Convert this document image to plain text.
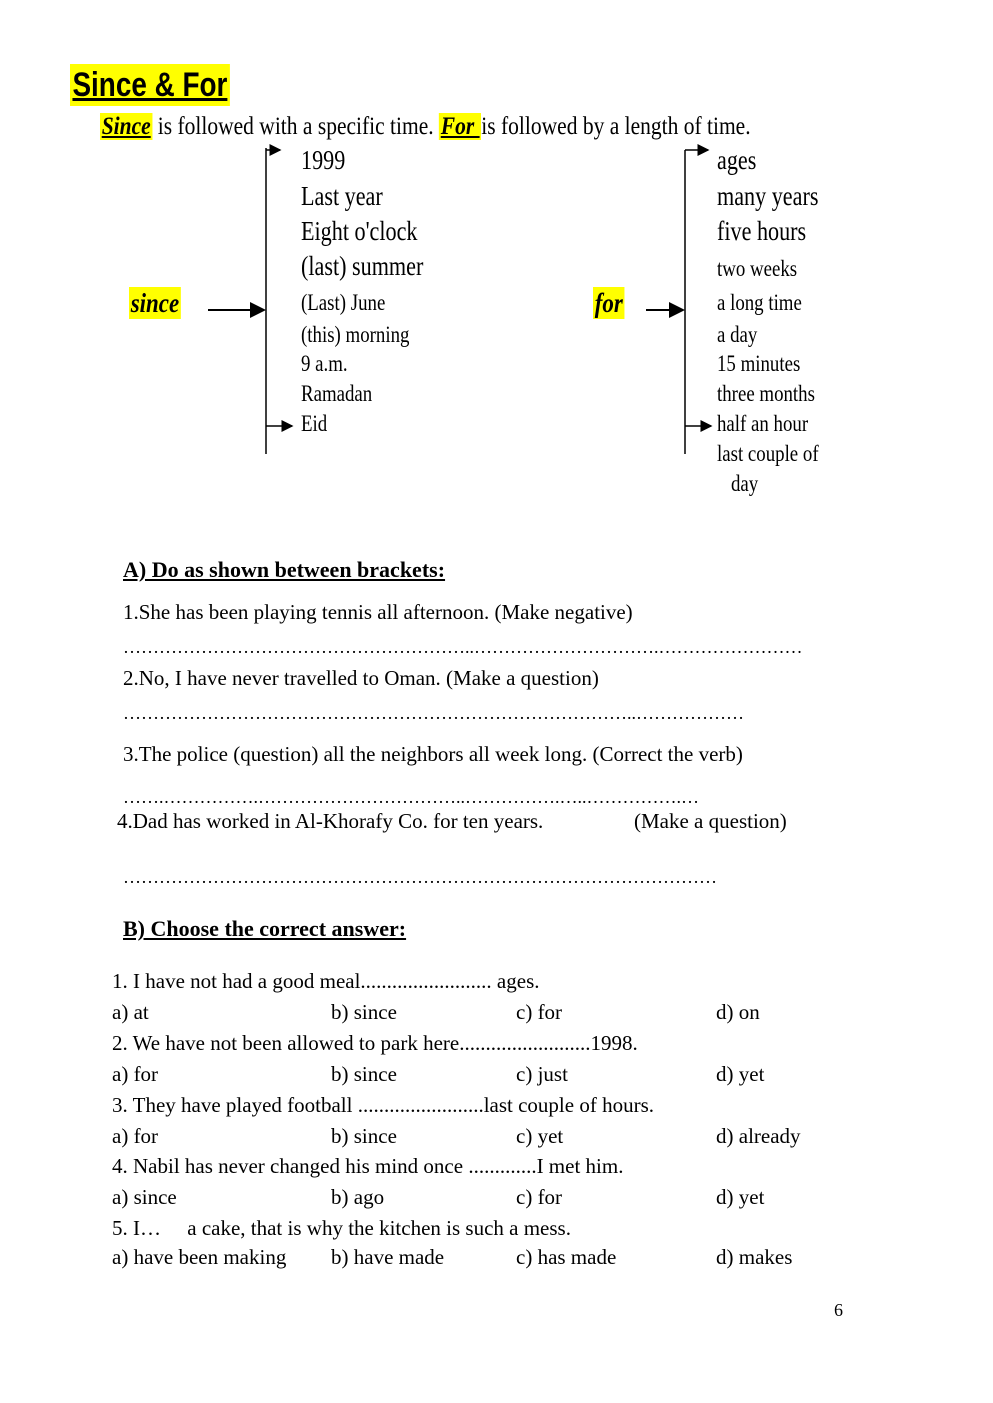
Since & For
Since is followed with a specific time. For is followed by a length of time.
since
1999
Last year
Eight o'clock
(last) summer
(Last) June
(this) morning
9 a.m.
Ramadan
Eid
for
ages
many years
five hours
two weeks
a long time
a day
15 minutes
three months
half an hour
last couple of
day
A) Do as shown between brackets:
1.She has been playing tennis all afternoon. (Make negative)
…………………………………………………..………………………….……………………
2.No, I have never travelled to Oman. (Make a question)
…………………………………………………………………………..………………
3.The police (question) all the neighbors all week long. (Correct the verb)
…….…………….……………………………..…………….…..…………….…
4.Dad has worked in Al-Khorafy Co. for ten years.	(Make a question)
………………………………………………………………………………………
B) Choose the correct answer:
1. I have not had a good meal......................... ages.
a) at	b) since	c) for	d) on
2. We have not been allowed to park here.........................1998.
a) for	b) since	c) just	d) yet
3. They have played football ........................last couple of hours.
a) for	b) since	c) yet	d) already
4. Nabil has never changed his mind once .............I met him.
a) since	b) ago	c) for	d) yet
5. I…     a cake, that is why the kitchen is such a mess.
a) have been making b) have made	c) has made	d) makes
6
